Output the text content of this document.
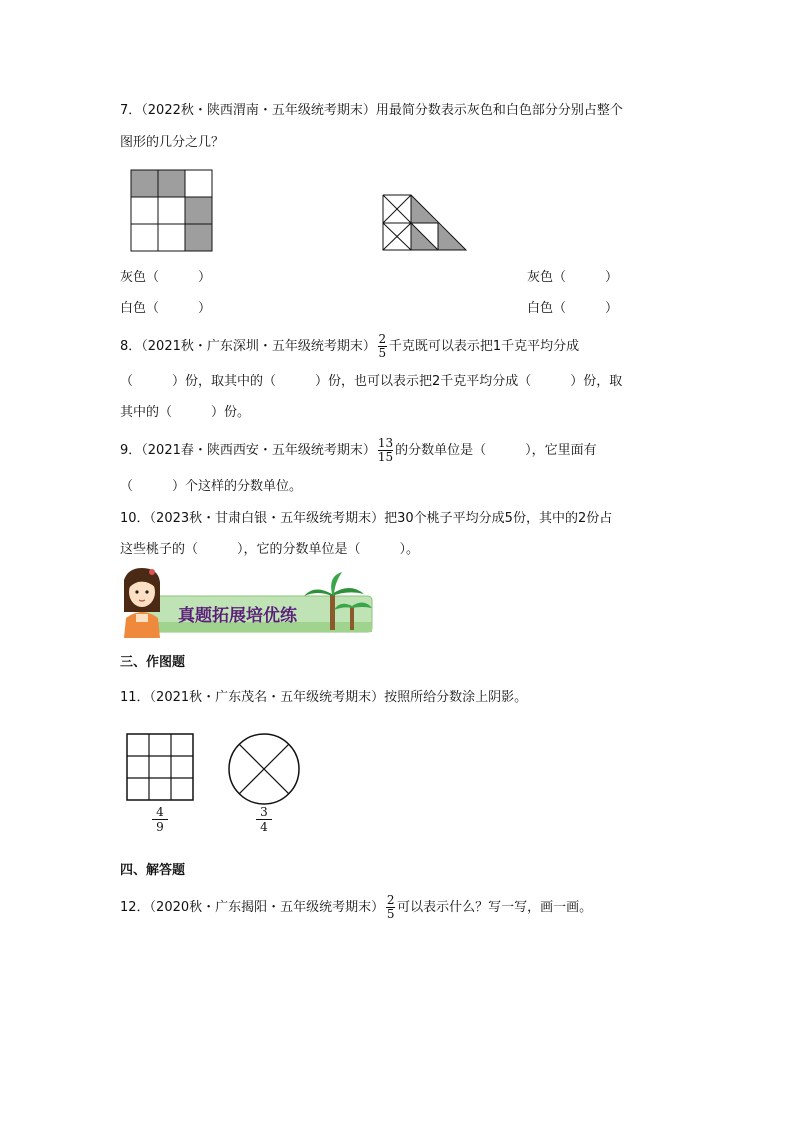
7．（2022秋・陕西渭南・五年级统考期末）用最简分数表示灰色和白色部分分别占整个
图形的几分之几？
灰色（　　　）
白色（　　　）
灰色（　　　）
白色（　　　）
8．（2021秋・广东深圳・五年级统考期末） $\frac{2}{5}$ 千克既可以表示把1千克平均分成
（　　　）份，取其中的（　　　）份，也可以表示把2千克平均分成（　　　）份，取
其中的（　　　）份。
9．（2021春・陕西西安・五年级统考期末） $\frac{13}{15}$ 的分数单位是（　　　），它里面有
（　　　）个这样的分数单位。
10．（2023秋・甘肃白银・五年级统考期末）把30个桃子平均分成5份，其中的2份占
这些桃子的（　　　），它的分数单位是（　　　）。
真题拓展培优练
三、作图题
11．（2021秋・广东茂名・五年级统考期末）按照所给分数涂上阴影。
4
9
3
4
四、解答题
12．（2020秋・广东揭阳・五年级统考期末） $\frac{2}{5}$ 可以表示什么？写一写，画一画。
